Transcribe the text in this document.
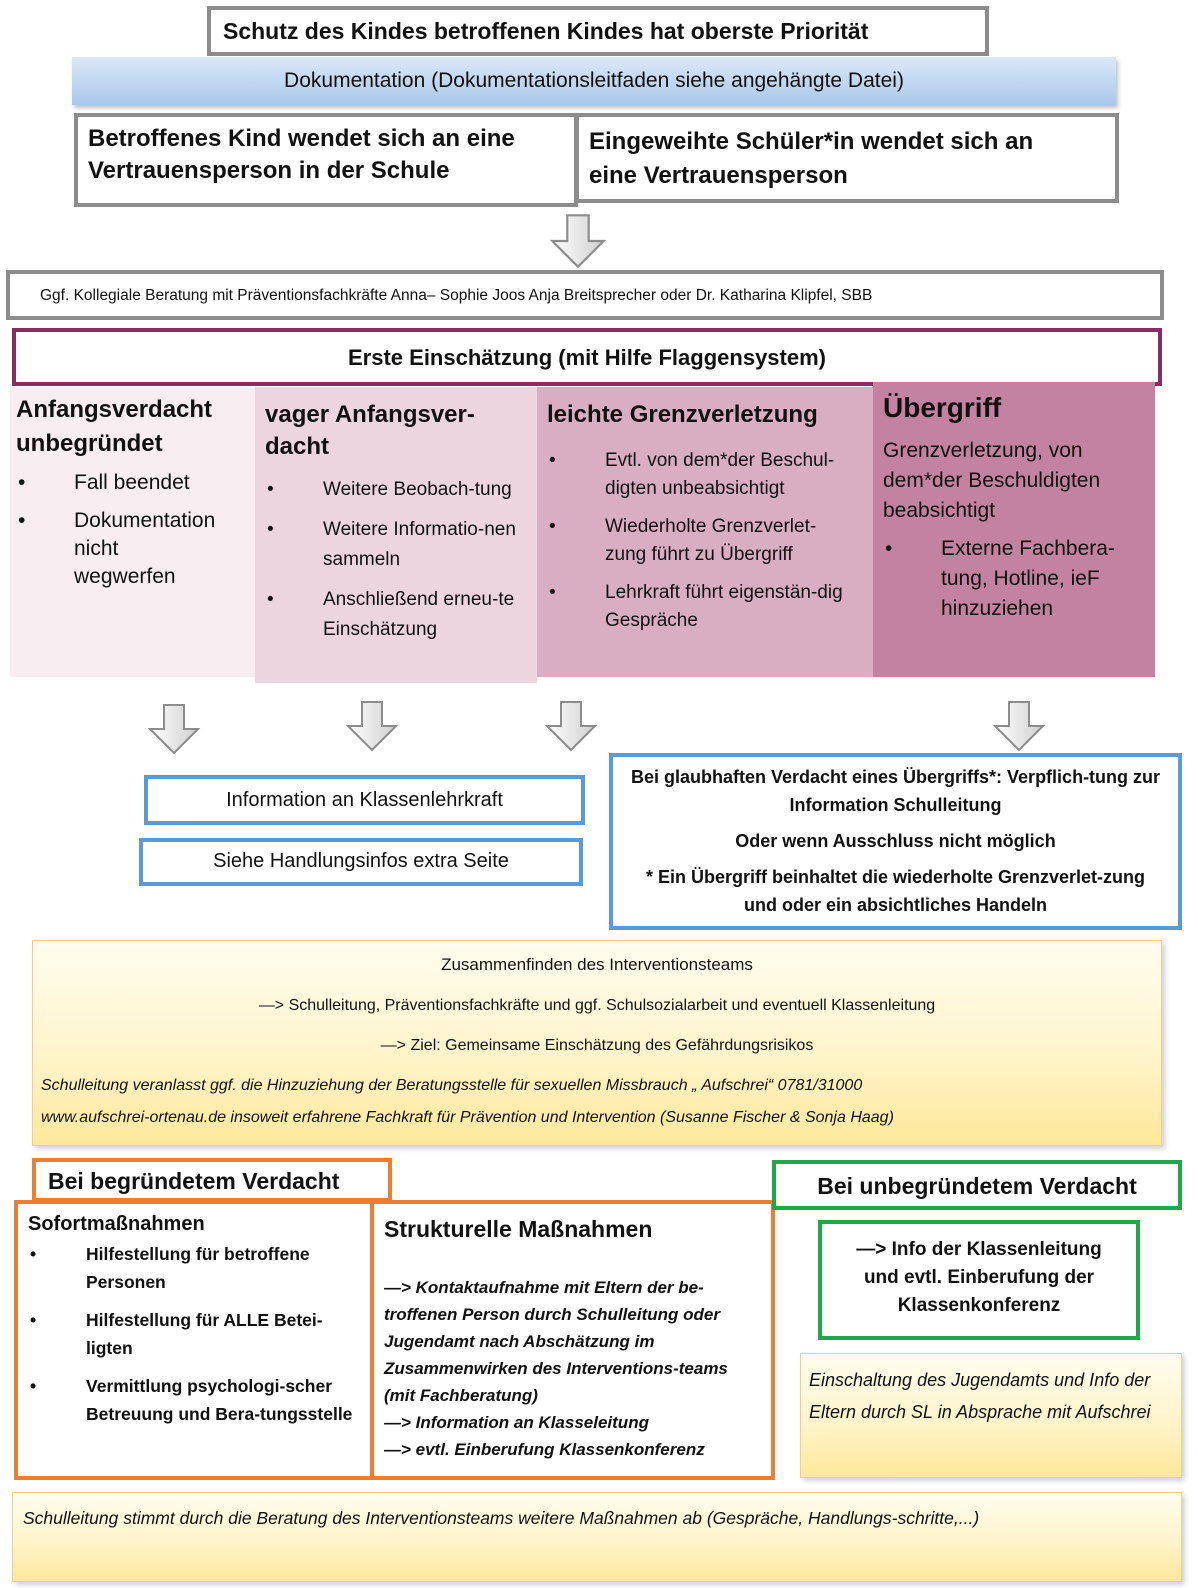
Schutz des Kindes betroffenen Kindes hat oberste Priorität
Dokumentation (Dokumentationsleitfaden siehe angehängte Datei)
Betroffenes Kind wendet sich an eine
Vertrauensperson in der Schule
Eingeweihte Schüler*in wendet sich an
eine Vertrauensperson
Ggf. Kollegiale Beratung mit Präventionsfachkräfte Anna– Sophie Joos Anja Breitsprecher oder Dr. Katharina Klipfel, SBB
Erste Einschätzung (mit Hilfe Flaggensystem)
Anfangsverdacht
unbegründet
• Fall beendet
• Dokumentation nicht wegwerfen
vager Anfangsver-
dacht
• Weitere Beobach-tung
• Weitere Informatio-nen sammeln
• Anschließend erneu-te Einschätzung
leichte Grenzverletzung
• Evtl. von dem*der Beschul-digten unbeabsichtigt
• Wiederholte Grenzverlet-zung führt zu Übergriff
• Lehrkraft führt eigenstän-dig Gespräche
Übergriff
Grenzverletzung, von dem*der Beschuldigten beabsichtigt
• Externe Fachbera-tung, Hotline, ieF hinzuziehen
Information an Klassenlehrkraft
Siehe Handlungsinfos extra Seite

Bei glaubhaften Verdacht eines Übergriffs*: Verpflich-tung zur Information Schulleitung

Oder wenn Ausschluss nicht möglich

* Ein Übergriff beinhaltet die wiederholte Grenzverlet-zung und oder ein absichtliches Handeln

Zusammenfinden des Interventionsteams

—> Schulleitung, Präventionsfachkräfte und ggf. Schulsozialarbeit und eventuell Klassenleitung

—> Ziel: Gemeinsame Einschätzung des Gefährdungsrisikos

Schulleitung veranlasst ggf. die Hinzuziehung der Beratungsstelle für sexuellen Missbrauch „ Aufschrei“ 0781/31000

www.aufschrei-ortenau.de insoweit erfahrene Fachkraft für Prävention und Intervention (Susanne Fischer & Sonja Haag)

Bei begründetem Verdacht
Sofortmaßnahmen
• Hilfestellung für betroffene Personen
• Hilfestellung für ALLE Betei-ligten
• Vermittlung psychologi-scher Betreuung und Bera-tungsstelle
Strukturelle Maßnahmen

—> Kontaktaufnahme mit Eltern der be-troffenen Person durch Schulleitung oder Jugendamt nach Abschätzung im Zusammenwirken des Interventions-teams (mit Fachberatung)

—> Information an Klasseleitung

—> evtl. Einberufung Klassenkonferenz

Bei unbegründetem Verdacht
—> Info der Klassenleitung und evtl. Einberufung der Klassenkonferenz
Einschaltung des Jugendamts und Info der Eltern durch SL in Absprache mit Aufschrei
Schulleitung stimmt durch die Beratung des Interventionsteams weitere Maßnahmen ab (Gespräche, Handlungs-schritte,...)
